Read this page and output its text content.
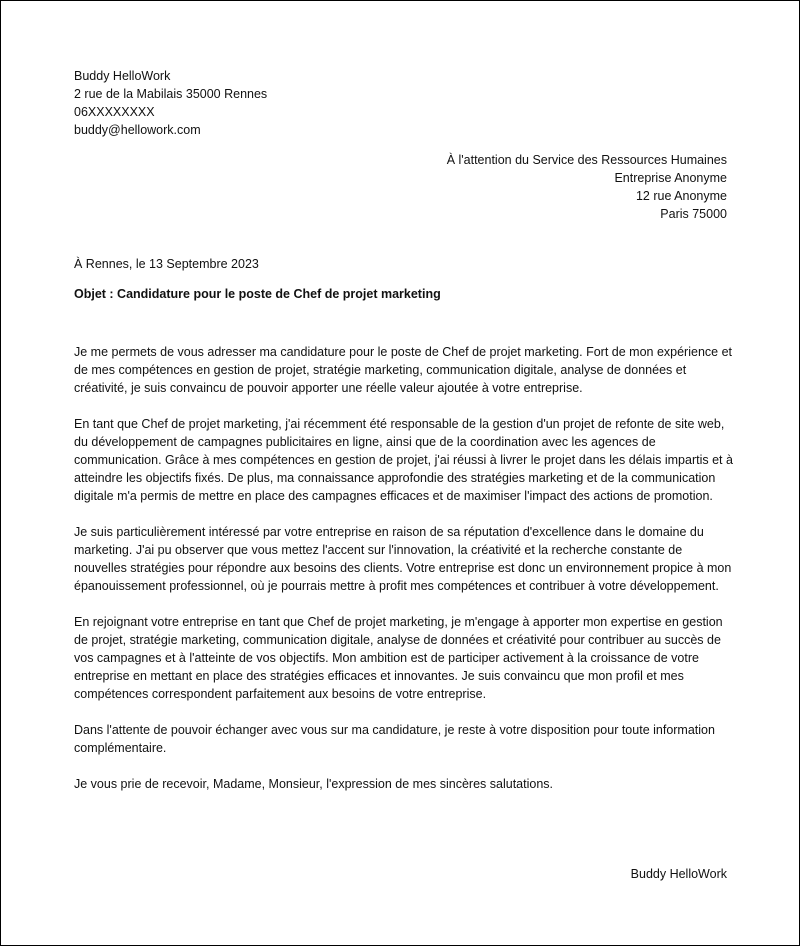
Buddy HelloWork
2 rue de la Mabilais 35000 Rennes
06XXXXXXXX
buddy@hellowork.com
À l'attention du Service des Ressources Humaines
Entreprise Anonyme
12 rue Anonyme
Paris 75000
À Rennes, le 13 Septembre 2023
Objet : Candidature pour le poste de Chef de projet marketing

Je me permets de vous adresser ma candidature pour le poste de Chef de projet marketing. Fort de mon expérience et de mes compétences en gestion de projet, stratégie marketing, communication digitale, analyse de données et créativité, je suis convaincu de pouvoir apporter une réelle valeur ajoutée à votre entreprise.

En tant que Chef de projet marketing, j'ai récemment été responsable de la gestion d'un projet de refonte de site web, du développement de campagnes publicitaires en ligne, ainsi que de la coordination avec les agences de communication. Grâce à mes compétences en gestion de projet, j'ai réussi à livrer le projet dans les délais impartis et à atteindre les objectifs fixés. De plus, ma connaissance approfondie des stratégies marketing et de la communication digitale m'a permis de mettre en place des campagnes efficaces et de maximiser l'impact des actions de promotion.

Je suis particulièrement intéressé par votre entreprise en raison de sa réputation d'excellence dans le domaine du marketing. J'ai pu observer que vous mettez l'accent sur l'innovation, la créativité et la recherche constante de nouvelles stratégies pour répondre aux besoins des clients. Votre entreprise est donc un environnement propice à mon épanouissement professionnel, où je pourrais mettre à profit mes compétences et contribuer à votre développement.

En rejoignant votre entreprise en tant que Chef de projet marketing, je m'engage à apporter mon expertise en gestion de projet, stratégie marketing, communication digitale, analyse de données et créativité pour contribuer au succès de vos campagnes et à l'atteinte de vos objectifs. Mon ambition est de participer activement à la croissance de votre entreprise en mettant en place des stratégies efficaces et innovantes. Je suis convaincu que mon profil et mes compétences correspondent parfaitement aux besoins de votre entreprise.

Dans l'attente de pouvoir échanger avec vous sur ma candidature, je reste à votre disposition pour toute information complémentaire.

Je vous prie de recevoir, Madame, Monsieur, l'expression de mes sincères salutations.

Buddy HelloWork
